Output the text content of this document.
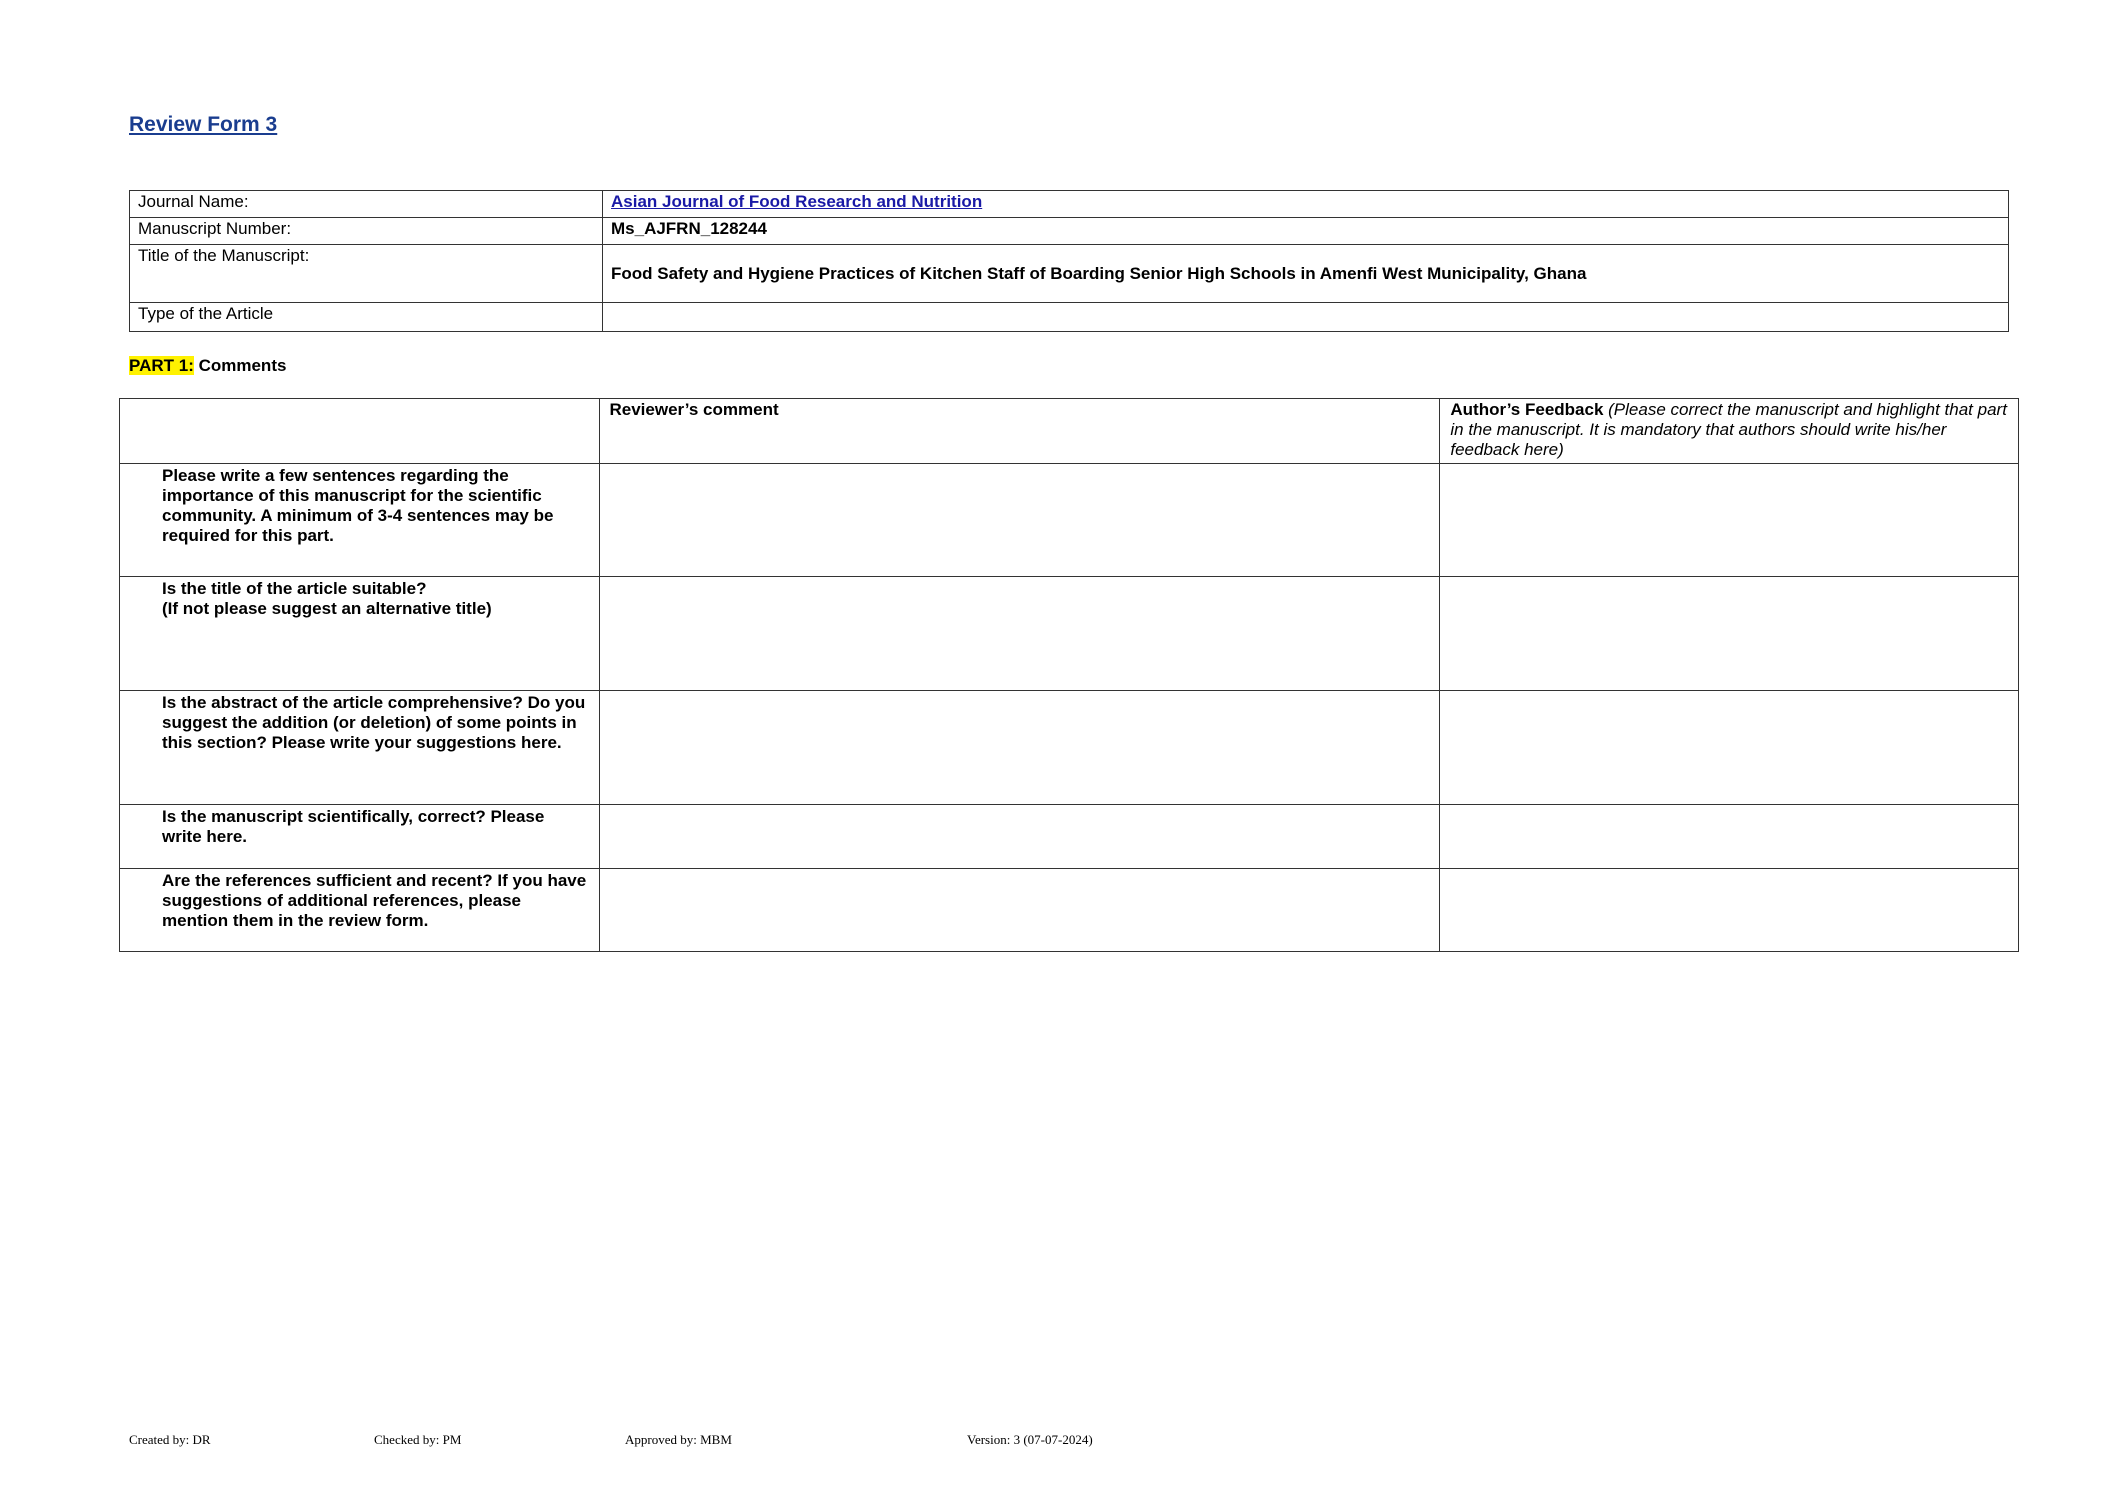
Review Form 3
Journal Name:	Asian Journal of Food Research and Nutrition
Manuscript Number:	Ms_AJFRN_128244
Title of the Manuscript:	Food Safety and Hygiene Practices of Kitchen Staff of Boarding Senior High Schools in Amenfi West Municipality, Ghana
Type of the Article	

PART 1: Comments

	Reviewer’s comment	Author’s Feedback (Please correct the manuscript and highlight that part in the manuscript. It is mandatory that authors should write his/her feedback here)
Please write a few sentences regarding the importance of this manuscript for the scientific community. A minimum of 3-4 sentences may be required for this part.		
Is the title of the article suitable?
(If not please suggest an alternative title)		
Is the abstract of the article comprehensive? Do you suggest the addition (or deletion) of some points in this section? Please write your suggestions here.		
Is the manuscript scientifically, correct? Please write here.		
Are the references sufficient and recent? If you have suggestions of additional references, please mention them in the review form.		

Created by: DR	Checked by: PM	Approved by: MBM	Version: 3 (07-07-2024)
